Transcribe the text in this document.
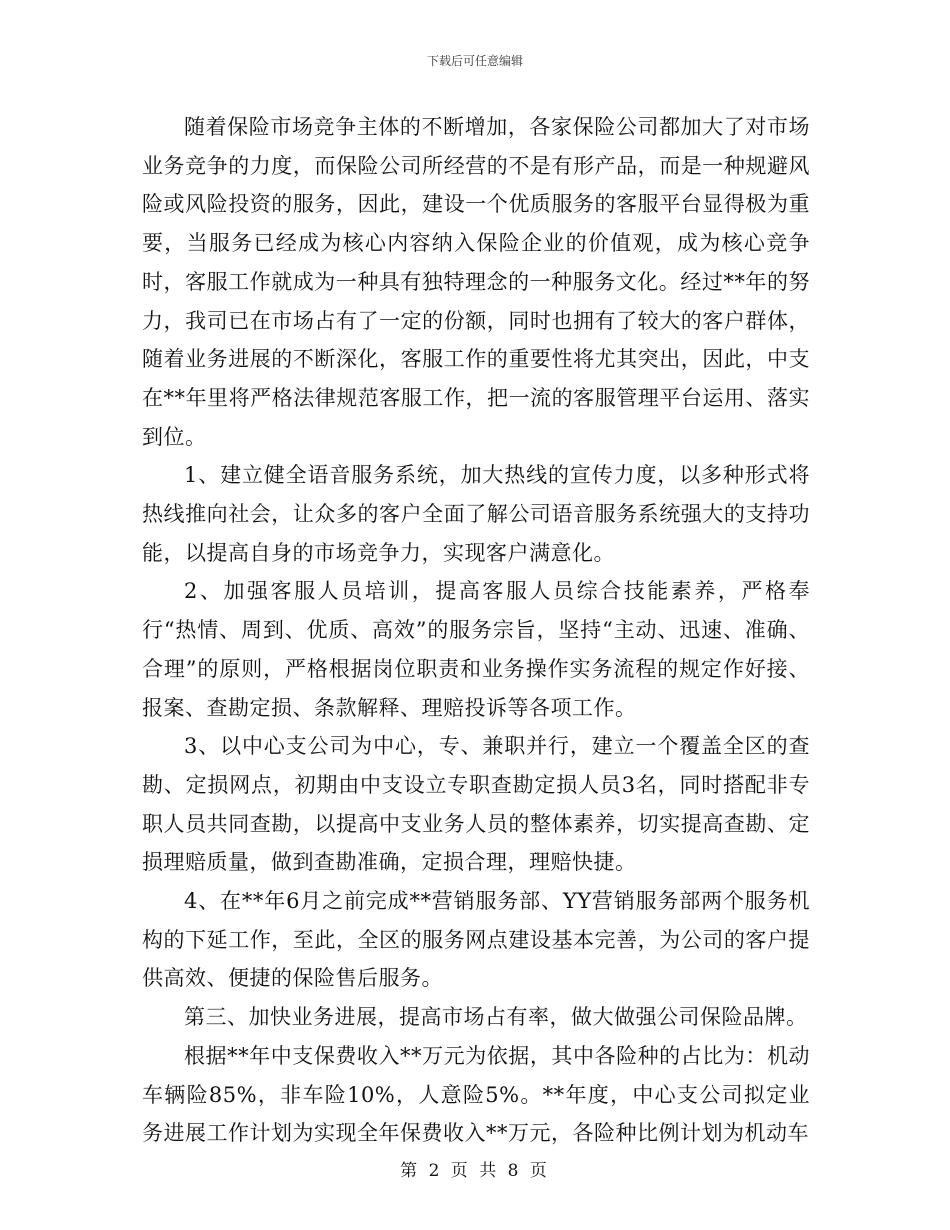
下载后可任意编辑

随着保险市场竞争主体的不断增加，各家保险公司都加大了对市场业务竞争的力度，而保险公司所经营的不是有形产品，而是一种规避风险或风险投资的服务，因此，建设一个优质服务的客服平台显得极为重要，当服务已经成为核心内容纳入保险企业的价值观，成为核心竞争时，客服工作就成为一种具有独特理念的一种服务文化。经过**年的努力，我司已在市场占有了一定的份额，同时也拥有了较大的客户群体，随着业务进展的不断深化，客服工作的重要性将尤其突出，因此，中支在**年里将严格法律规范客服工作，把一流的客服管理平台运用、落实到位。

1、建立健全语音服务系统，加大热线的宣传力度，以多种形式将热线推向社会，让众多的客户全面了解公司语音服务系统强大的支持功能，以提高自身的市场竞争力，实现客户满意化。

2、加强客服人员培训，提高客服人员综合技能素养，严格奉行“热情、周到、优质、高效”的服务宗旨，坚持“主动、迅速、准确、合理”的原则，严格根据岗位职责和业务操作实务流程的规定作好接、报案、查勘定损、条款解释、理赔投诉等各项工作。

3、以中心支公司为中心，专、兼职并行，建立一个覆盖全区的查勘、定损网点，初期由中支设立专职查勘定损人员3名，同时搭配非专职人员共同查勘，以提高中支业务人员的整体素养，切实提高查勘、定损理赔质量，做到查勘准确，定损合理，理赔快捷。

4、在**年6月之前完成**营销服务部、YY营销服务部两个服务机构的下延工作，至此，全区的服务网点建设基本完善，为公司的客户提供高效、便捷的保险售后服务。

第三、加快业务进展，提高市场占有率，做大做强公司保险品牌。

根据**年中支保费收入**万元为依据，其中各险种的占比为：机动车辆险85%，非车险10%，人意险5%。**年度，中心支公司拟定业务进展工作计划为实现全年保费收入**万元，各险种比例计划为机动车

第 2 页 共 8 页
